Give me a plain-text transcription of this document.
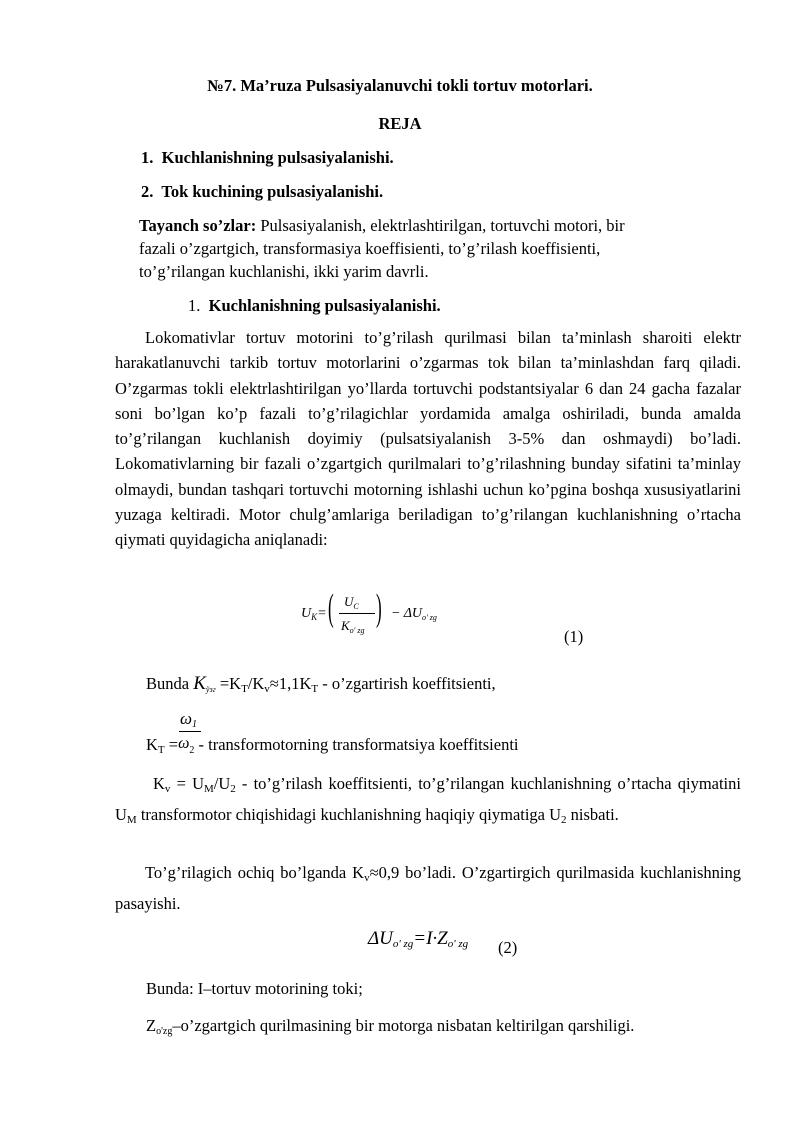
№7. Ma’ruza Pulsasiyalanuvchi tokli tortuv motorlari.
REJA
1. Kuchlanishning pulsasiyalanishi.
2. Tok kuchining pulsasiyalanishi.
Tayanch so’zlar: Pulsasiyalanish, elektrlashtirilgan, tortuvchi motori, bir
fazali o’zgartgich, transformasiya koeffisienti, to’g’rilash koeffisienti,
to’g’rilangan kuchlanishi, ikki yarim davrli.
1. Kuchlanishning pulsasiyalanishi.
Lokomativlar tortuv motorini to’g’rilash qurilmasi bilan ta’minlash sharoiti elektr harakatlanuvchi tarkib tortuv motorlarini o’zgarmas tok bilan ta’minlashdan farq qiladi. O’zgarmas tokli elektrlashtirilgan yo’llarda tortuvchi podstantsiyalar 6 dan 24 gacha fazalar soni bo’lgan ko’p fazali to’g’rilagichlar yordamida amalga oshiriladi, bunda amalda to’g’rilangan kuchlanish doyimiy (pulsatsiyalanish 3-5% dan oshmaydi) bo’ladi. Lokomativlarning bir fazali o’zgartgich qurilmalari to’g’rilashning bunday sifatini ta’minlay olmaydi, bundan tashqari tortuvchi motorning ishlashi uchun ko’pgina boshqa xususiyatlarini yuzaga keltiradi. Motor chulg’amlariga beriladigan to’g’rilangan kuchlanishning o’rtacha qiymati quyidagicha aniqlanadi:
$U_K=$ ( $U_C$
$K_{o' zg}$
) − $\Delta U_{o' zg}$
(1)
Bunda $K_{ўзг} =K_T/K_v\approx 1,1K_T$ - o’zgartirish koeffitsienti,
$\omega_1$
$K_T =\omega_2$ - transformotorning transformatsiya koeffitsienti
$K_v = U_M/U_2$ - to’g’rilash koeffitsienti, to’g’rilangan kuchlanishning o’rtacha qiymatini $U_M$ transformotor chiqishidagi kuchlanishning haqiqiy qiymatiga $U_2$ nisbati.
To’g’rilagich ochiq bo’lganda $K_v\approx 0,9$ bo’ladi. O’zgartirgich qurilmasida kuchlanishning pasayishi.
$\Delta U_{o' zg}=I\cdot Z_{o' zg}$ (2)
Bunda: I–tortuv motorining toki;
$Z_{o'zg}-o’zgartgich$ qurilmasining bir motorga nisbatan keltirilgan qarshiligi.
